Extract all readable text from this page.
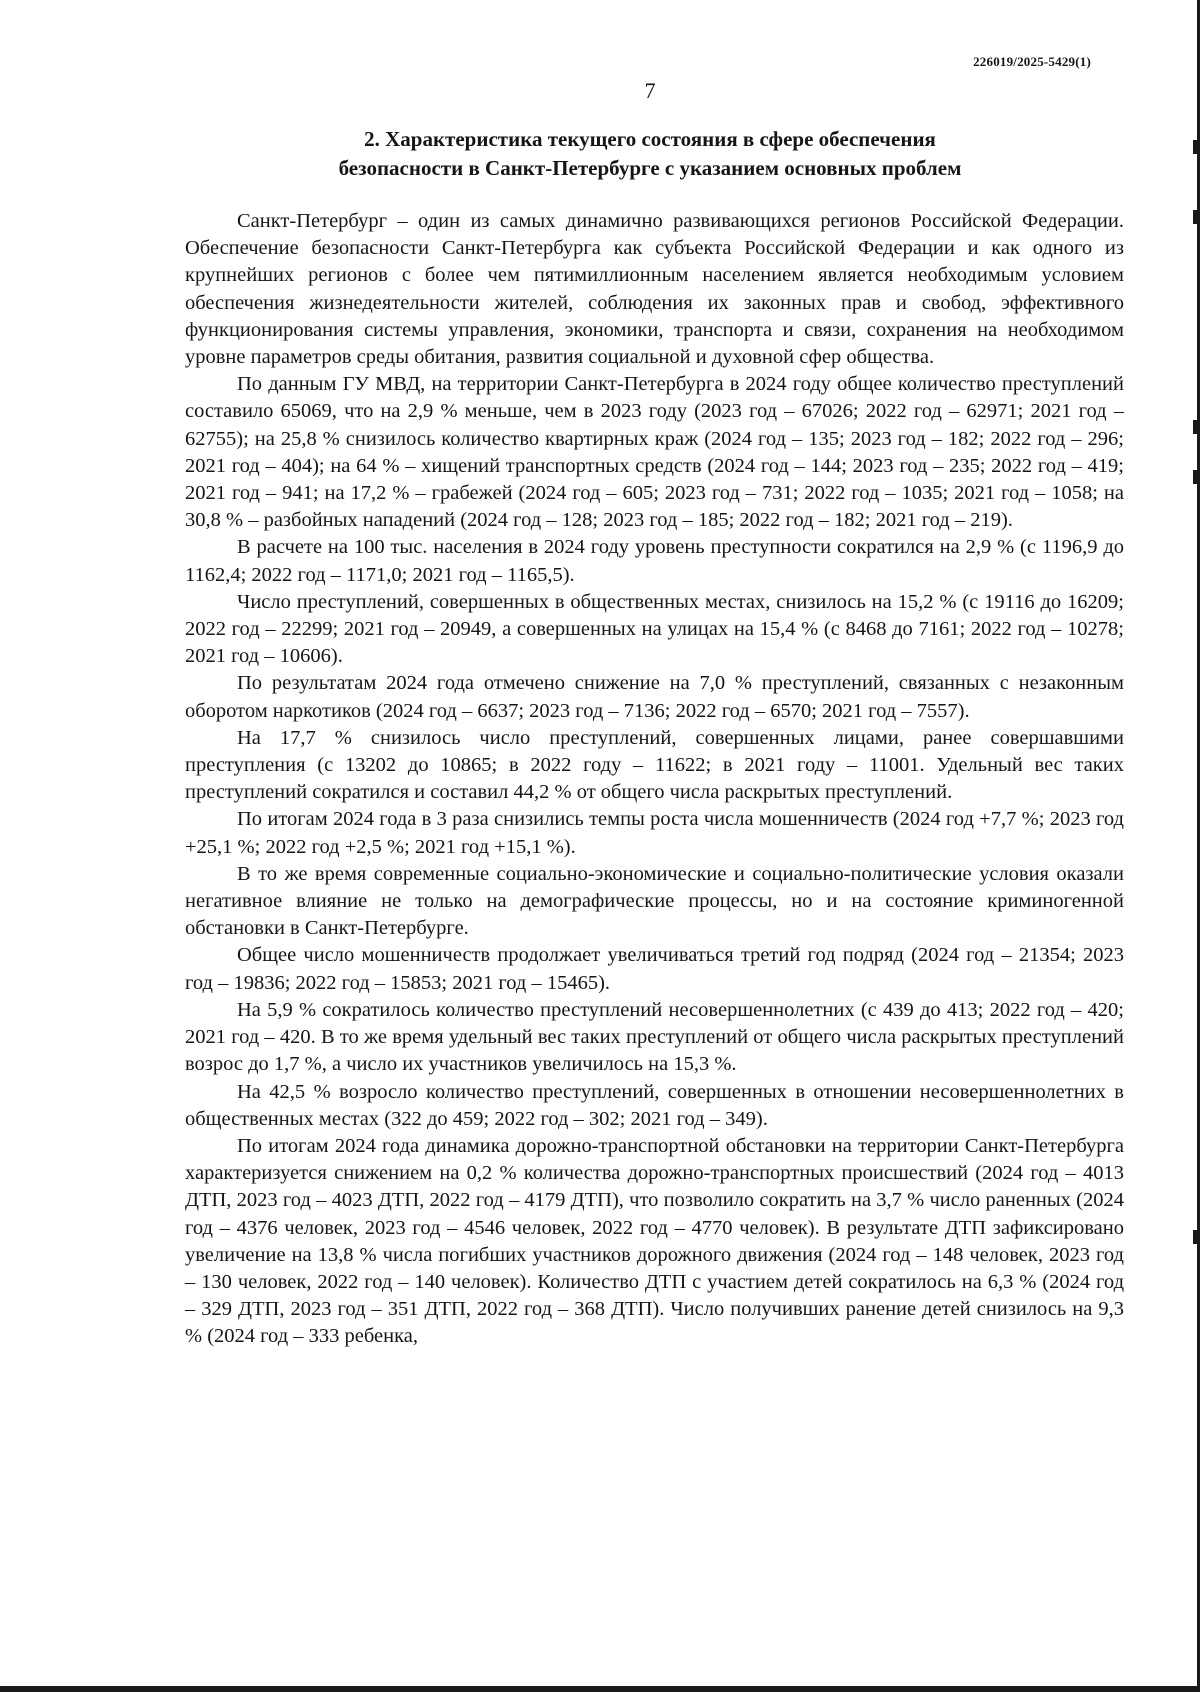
226019/2025-5429(1)
7
2. Характеристика текущего состояния в сфере обеспечения
безопасности в Санкт-Петербурге с указанием основных проблем

Санкт-Петербург – один из самых динамично развивающихся регионов Российской Федерации. Обеспечение безопасности Санкт-Петербурга как субъекта Российской Федерации и как одного из крупнейших регионов с более чем пятимиллионным населением является необходимым условием обеспечения жизнедеятельности жителей, соблюдения их законных прав и свобод, эффективного функционирования системы управления, экономики, транспорта и связи, сохранения на необходимом уровне параметров среды обитания, развития социальной и духовной сфер общества.

По данным ГУ МВД, на территории Санкт-Петербурга в 2024 году общее количество преступлений составило 65069, что на 2,9 % меньше, чем в 2023 году (2023 год – 67026; 2022 год – 62971; 2021 год – 62755); на 25,8 % снизилось количество квартирных краж (2024 год – 135; 2023 год – 182; 2022 год – 296; 2021 год – 404); на 64 % – хищений транспортных средств (2024 год – 144; 2023 год – 235; 2022 год – 419; 2021 год – 941; на 17,2 % – грабежей (2024 год – 605; 2023 год – 731; 2022 год – 1035; 2021 год – 1058; на 30,8 % – разбойных нападений (2024 год – 128; 2023 год – 185; 2022 год – 182; 2021 год – 219).

В расчете на 100 тыс. населения в 2024 году уровень преступности сократился на 2,9 % (с 1196,9 до 1162,4; 2022 год – 1171,0; 2021 год – 1165,5).

Число преступлений, совершенных в общественных местах, снизилось на 15,2 % (с 19116 до 16209; 2022 год – 22299; 2021 год – 20949, а совершенных на улицах на 15,4 % (с 8468 до 7161; 2022 год – 10278; 2021 год – 10606).

По результатам 2024 года отмечено снижение на 7,0 % преступлений, связанных с незаконным оборотом наркотиков (2024 год – 6637; 2023 год – 7136; 2022 год – 6570; 2021 год – 7557).

На 17,7 % снизилось число преступлений, совершенных лицами, ранее совершавшими преступления (с 13202 до 10865; в 2022 году – 11622; в 2021 году – 11001. Удельный вес таких преступлений сократился и составил 44,2 % от общего числа раскрытых преступлений.

По итогам 2024 года в 3 раза снизились темпы роста числа мошенничеств (2024 год +7,7 %; 2023 год +25,1 %; 2022 год +2,5 %; 2021 год +15,1 %).

В то же время современные социально-экономические и социально-политические условия оказали негативное влияние не только на демографические процессы, но и на состояние криминогенной обстановки в Санкт-Петербурге.

Общее число мошенничеств продолжает увеличиваться третий год подряд (2024 год – 21354; 2023 год – 19836; 2022 год – 15853; 2021 год – 15465).

На 5,9 % сократилось количество преступлений несовершеннолетних (с 439 до 413; 2022 год – 420; 2021 год – 420. В то же время удельный вес таких преступлений от общего числа раскрытых преступлений возрос до 1,7 %, а число их участников увеличилось на 15,3 %.

На 42,5 % возросло количество преступлений, совершенных в отношении несовершеннолетних в общественных местах (322 до 459; 2022 год – 302; 2021 год – 349).

По итогам 2024 года динамика дорожно-транспортной обстановки на территории Санкт-Петербурга характеризуется снижением на 0,2 % количества дорожно-транспортных происшествий (2024 год – 4013 ДТП, 2023 год – 4023 ДТП, 2022 год – 4179 ДТП), что позволило сократить на 3,7 % число раненных (2024 год – 4376 человек, 2023 год – 4546 человек, 2022 год – 4770 человек). В результате ДТП зафиксировано увеличение на 13,8 % числа погибших участников дорожного движения (2024 год – 148 человек, 2023 год – 130 человек, 2022 год – 140 человек). Количество ДТП с участием детей сократилось на 6,3 % (2024 год – 329 ДТП, 2023 год – 351 ДТП, 2022 год – 368 ДТП). Число получивших ранение детей снизилось на 9,3 % (2024 год – 333 ребенка,
